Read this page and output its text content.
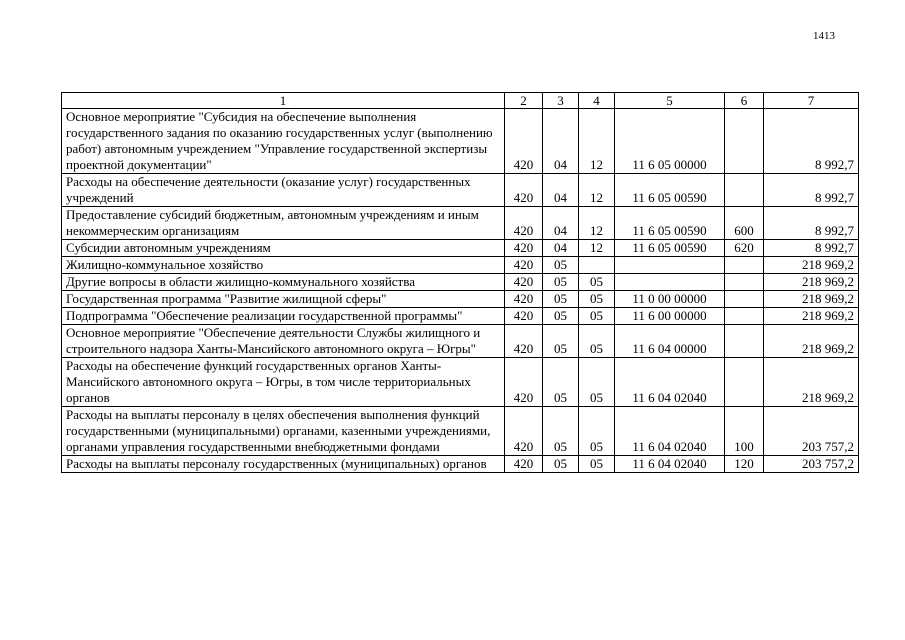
1413
1	2	3	4	5	6	7
Основное мероприятие "Субсидия на обеспечение выполнения государственного задания по оказанию государственных услуг (выполнению работ) автономным учреждением "Управление государственной экспертизы проектной документации"	420	04	12	11 6 05 00000		8 992,7
Расходы на обеспечение деятельности (оказание услуг) государственных учреждений	420	04	12	11 6 05 00590		8 992,7
Предоставление субсидий бюджетным, автономным учреждениям и иным некоммерческим организациям	420	04	12	11 6 05 00590	600	8 992,7
Субсидии автономным учреждениям	420	04	12	11 6 05 00590	620	8 992,7
Жилищно-коммунальное хозяйство	420	05				218 969,2
Другие вопросы в области жилищно-коммунального хозяйства	420	05	05			218 969,2
Государственная программа "Развитие жилищной сферы"	420	05	05	11 0 00 00000		218 969,2
Подпрограмма "Обеспечение реализации государственной программы"	420	05	05	11 6 00 00000		218 969,2
Основное мероприятие "Обеспечение деятельности Службы жилищного и строительного надзора Ханты-Мансийского автономного округа – Югры"	420	05	05	11 6 04 00000		218 969,2
Расходы на обеспечение функций государственных органов Ханты-Мансийского автономного округа – Югры, в том числе территориальных органов	420	05	05	11 6 04 02040		218 969,2
Расходы на выплаты персоналу в целях обеспечения выполнения функций государственными (муниципальными) органами, казенными учреждениями, органами управления государственными внебюджетными фондами	420	05	05	11 6 04 02040	100	203 757,2
Расходы на выплаты персоналу государственных (муниципальных) органов	420	05	05	11 6 04 02040	120	203 757,2
